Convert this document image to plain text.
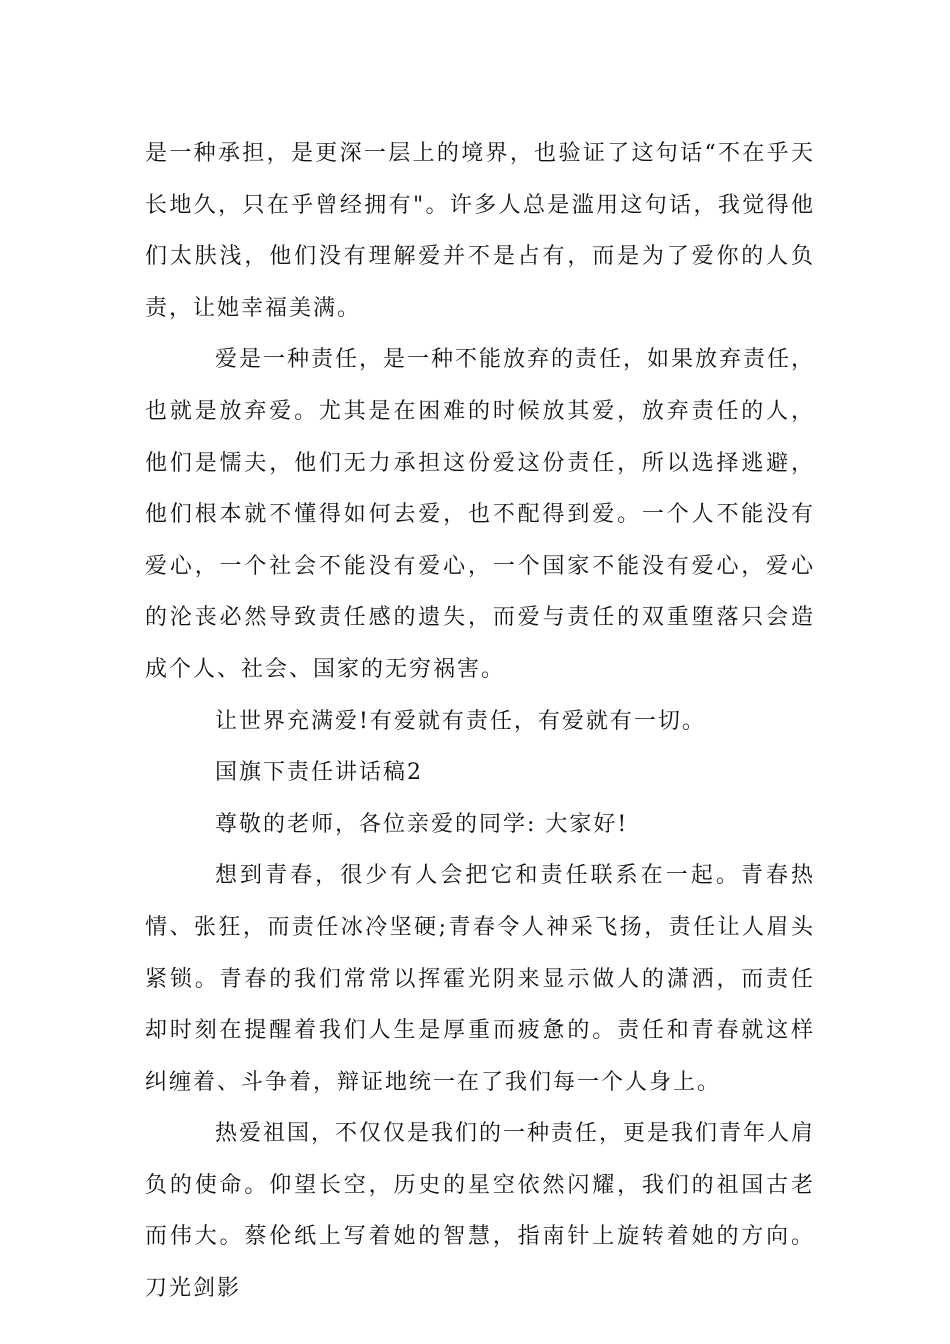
是一种承担，是更深一层上的境界，也验证了这句话“不在乎天长地久，只在乎曾经拥有"。许多人总是滥用这句话，我觉得他们太肤浅，他们没有理解爱并不是占有，而是为了爱你的人负责，让她幸福美满。

爱是一种责任，是一种不能放弃的责任，如果放弃责任，也就是放弃爱。尤其是在困难的时候放其爱，放弃责任的人，他们是懦夫，他们无力承担这份爱这份责任，所以选择逃避，他们根本就不懂得如何去爱，也不配得到爱。一个人不能没有爱心，一个社会不能没有爱心，一个国家不能没有爱心，爱心的沦丧必然导致责任感的遗失，而爱与责任的双重堕落只会造成个人、社会、国家的无穷祸害。

让世界充满爱!有爱就有责任，有爱就有一切。

国旗下责任讲话稿2

尊敬的老师，各位亲爱的同学: 大家好!

想到青春，很少有人会把它和责任联系在一起。青春热情、张狂，而责任冰冷坚硬;青春令人神采飞扬，责任让人眉头紧锁。青春的我们常常以挥霍光阴来显示做人的潇洒，而责任却时刻在提醒着我们人生是厚重而疲惫的。责任和青春就这样纠缠着、斗争着，辩证地统一在了我们每一个人身上。

热爱祖国，不仅仅是我们的一种责任，更是我们青年人肩负的使命。仰望长空，历史的星空依然闪耀，我们的祖国古老而伟大。蔡伦纸上写着她的智慧，指南针上旋转着她的方向。刀光剑影
